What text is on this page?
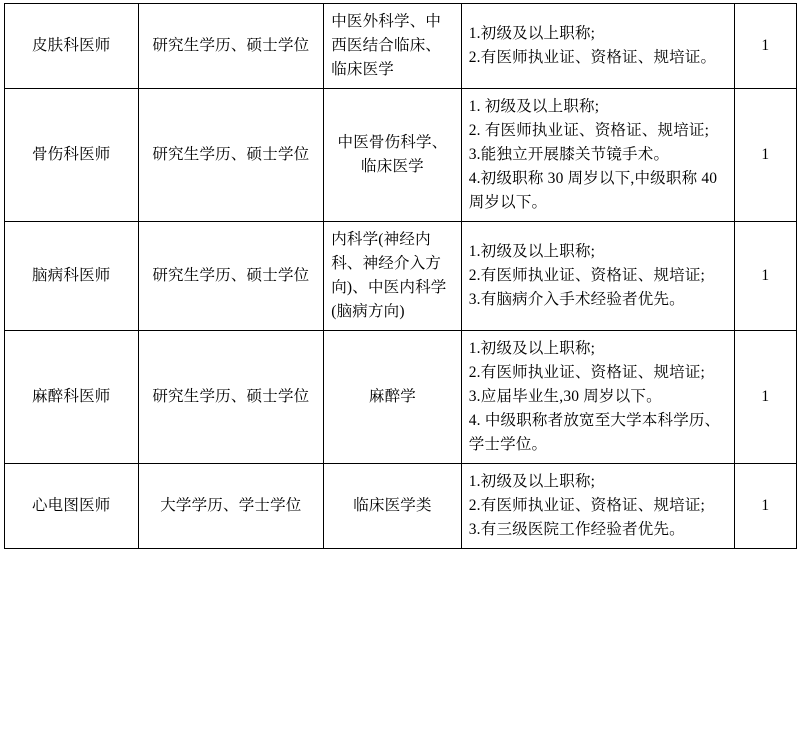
皮肤科医师	研究生学历、硕士学位	中医外科学、中西医结合临床、临床医学	1.初级及以上职称;
2.有医师执业证、资格证、规培证。	1
骨伤科医师	研究生学历、硕士学位	中医骨伤科学、临床医学	1. 初级及以上职称;
2. 有医师执业证、资格证、规培证;
3.能独立开展膝关节镜手术。
4.初级职称 30 周岁以下,中级职称 40 周岁以下。	1
脑病科医师	研究生学历、硕士学位	内科学(神经内科、神经介入方向)、中医内科学(脑病方向)	1.初级及以上职称;
2.有医师执业证、资格证、规培证;
3.有脑病介入手术经验者优先。	1
麻醉科医师	研究生学历、硕士学位	麻醉学	1.初级及以上职称;
2.有医师执业证、资格证、规培证;
3.应届毕业生,30 周岁以下。
4. 中级职称者放宽至大学本科学历、学士学位。	1
心电图医师	大学学历、学士学位	临床医学类	1.初级及以上职称;
2.有医师执业证、资格证、规培证;
3.有三级医院工作经验者优先。	1
